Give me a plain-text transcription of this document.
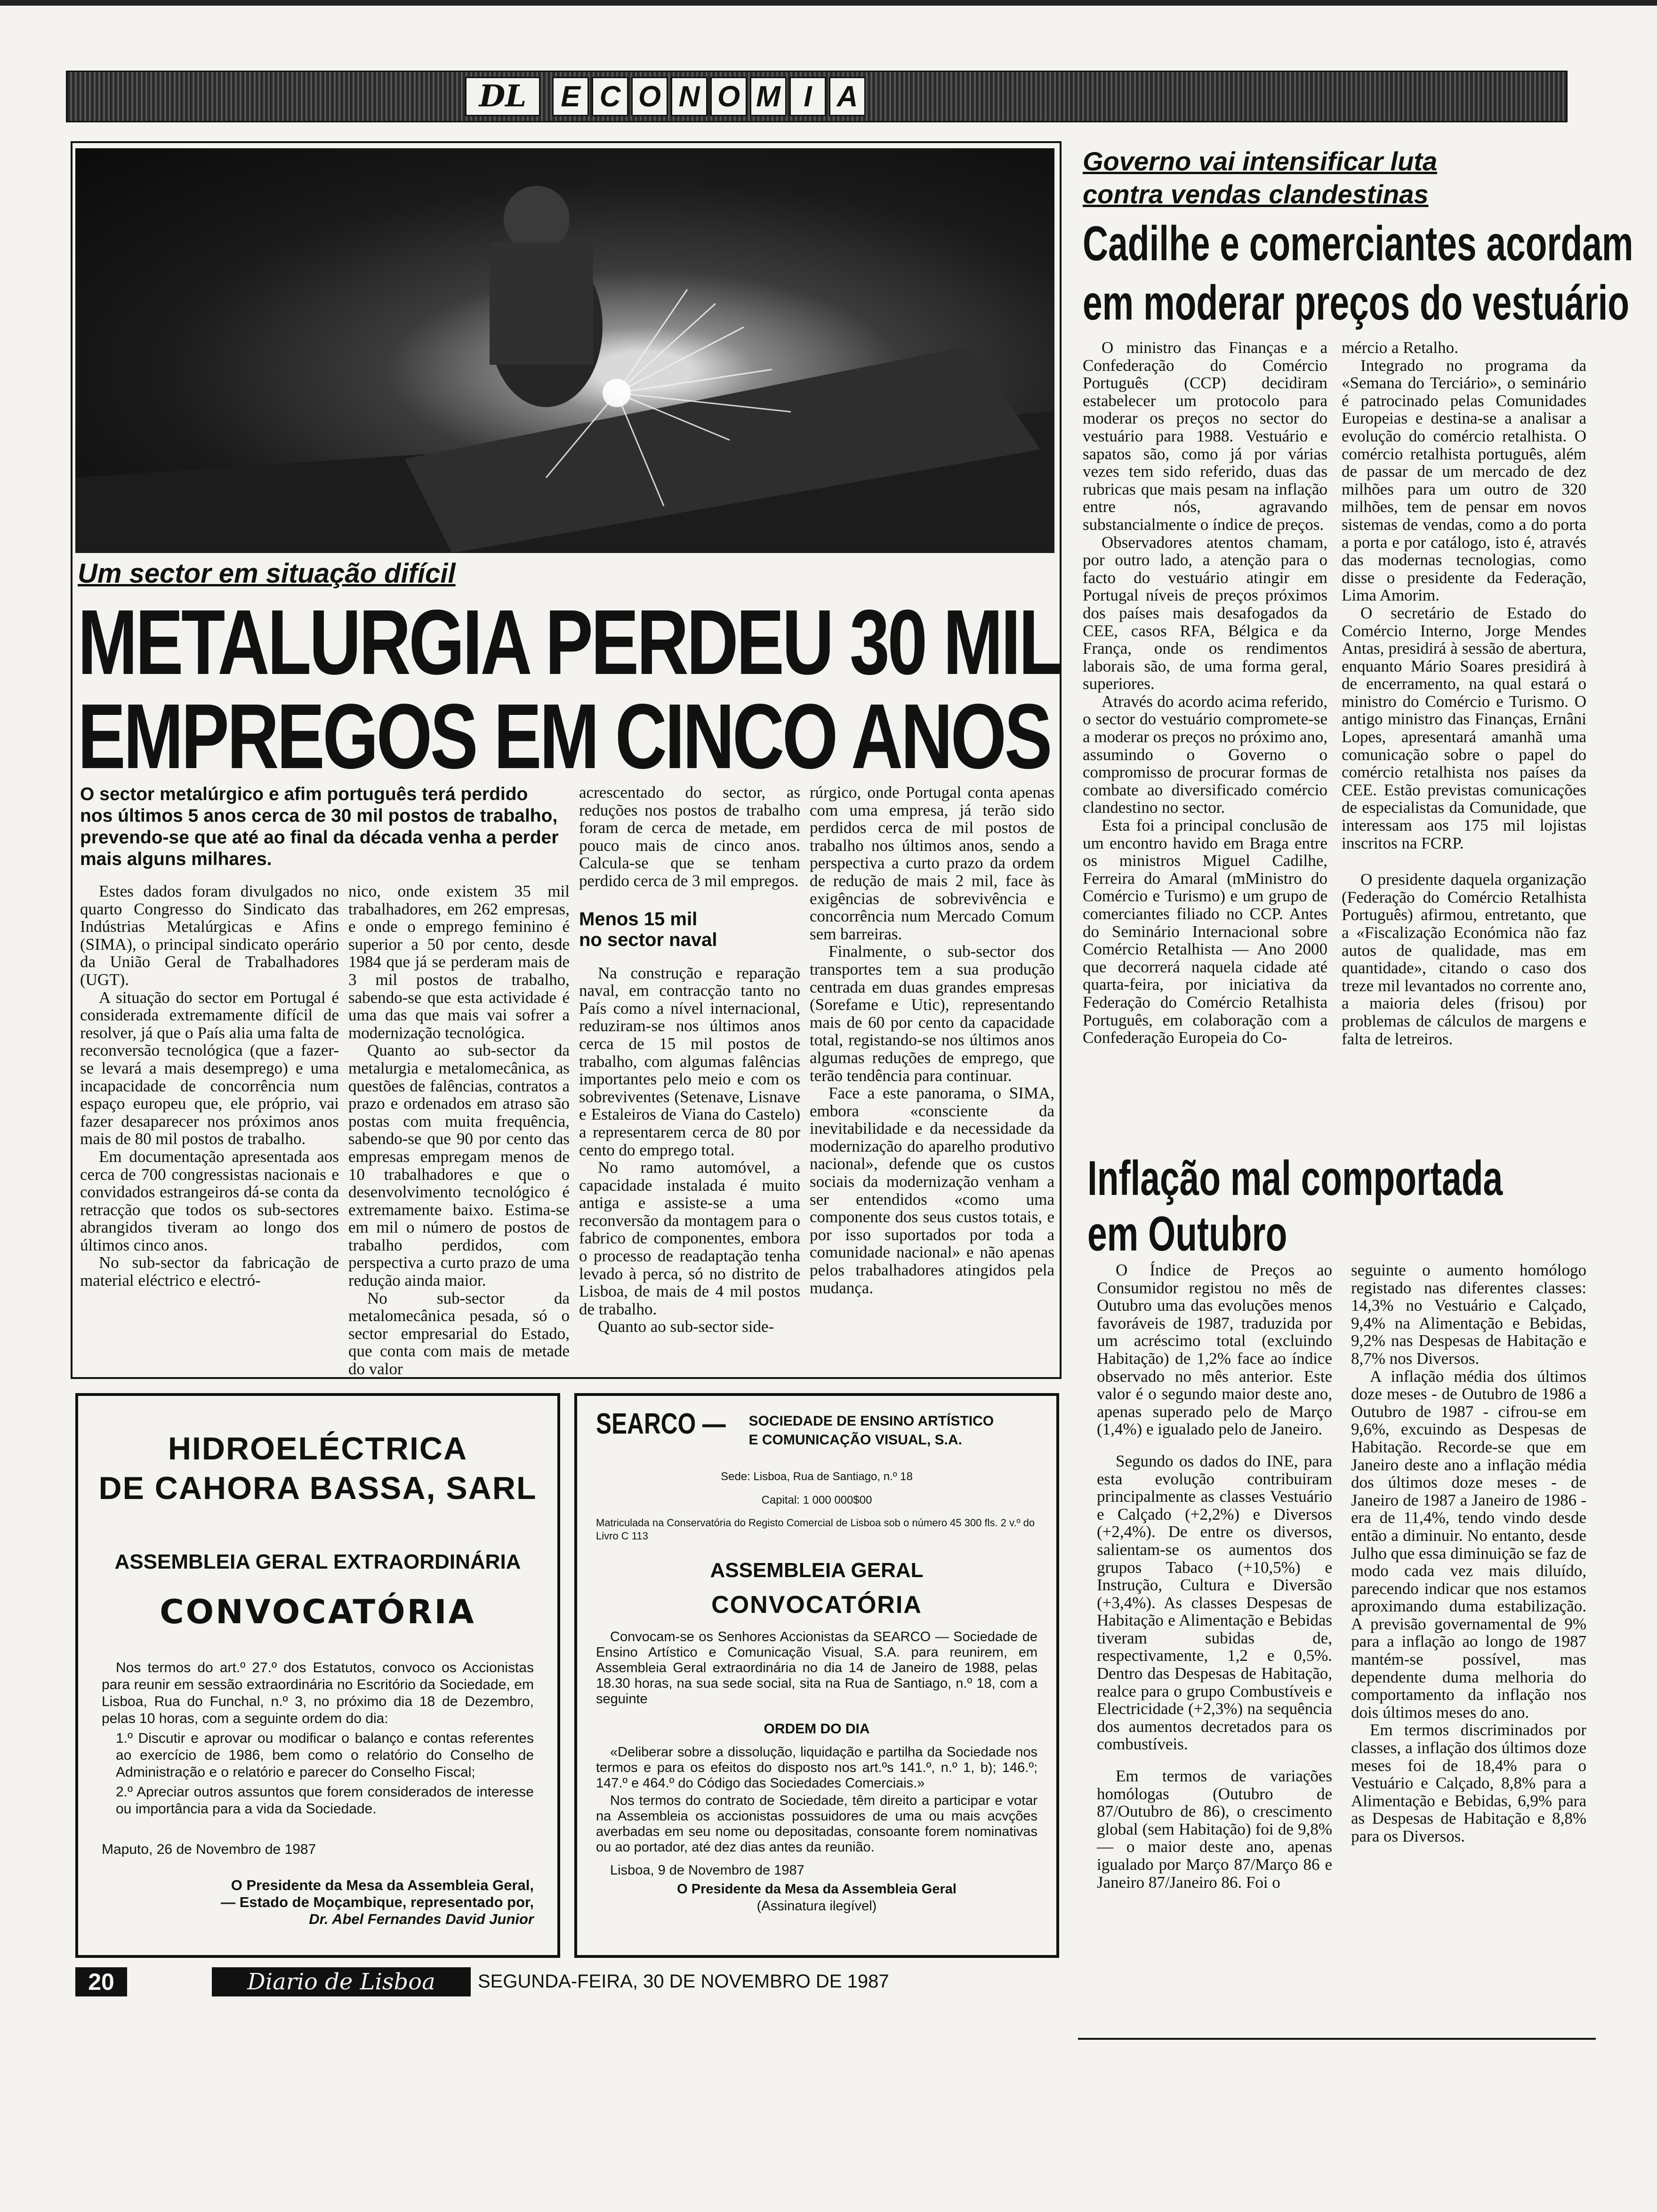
DL	E C O N O M I A
Um sector em situação difícil
METALURGIA PERDEU 30 MIL
EMPREGOS EM CINCO ANOS
O sector metalúrgico e afim português terá perdido nos últimos 5 anos cerca de 30 mil postos de trabalho, prevendo-se que até ao final da década venha a perder mais alguns milhares.

Estes dados foram divulgados no quarto Congresso do Sindicato das Indústrias Metalúrgicas e Afins (SIMA), o principal sindicato operário da União Geral de Trabalhadores (UGT).

A situação do sector em Portugal é considerada extremamente difícil de resolver, já que o País alia uma falta de reconversão tecnológica (que a fazer-se levará a mais desemprego) e uma incapacidade de concorrência num espaço europeu que, ele próprio, vai fazer desaparecer nos próximos anos mais de 80 mil postos de trabalho.

Em documentação apresentada aos cerca de 700 congressistas nacionais e convidados estrangeiros dá-se conta da retracção que todos os sub-sectores abrangidos tiveram ao longo dos últimos cinco anos.

No sub-sector da fabricação de material eléctrico e electró-

nico, onde existem 35 mil trabalhadores, em 262 empresas, e onde o emprego feminino é superior a 50 por cento, desde 1984 que já se perderam mais de 3 mil postos de trabalho, sabendo-se que esta actividade é uma das que mais vai sofrer a modernização tecnológica.

Quanto ao sub-sector da metalurgia e metalomecânica, as questões de falências, contratos a prazo e ordenados em atraso são postas com muita frequência, sabendo-se que 90 por cento das empresas empregam menos de 10 trabalhadores e que o desenvolvimento tecnológico é extremamente baixo. Estima-se em mil o número de postos de trabalho perdidos, com perspectiva a curto prazo de uma redução ainda maior.

No sub-sector da metalomecânica pesada, só o sector empresarial do Estado, que conta com mais de metade do valor

acrescentado do sector, as reduções nos postos de trabalho foram de cerca de metade, em pouco mais de cinco anos. Calcula-se que se tenham perdido cerca de 3 mil empregos.

Menos 15 mil
no sector naval

Na construção e reparação naval, em contracção tanto no País como a nível internacional, reduziram-se nos últimos anos cerca de 15 mil postos de trabalho, com algumas falências importantes pelo meio e com os sobreviventes (Setenave, Lisnave e Estaleiros de Viana do Castelo) a representarem cerca de 80 por cento do emprego total.

No ramo automóvel, a capacidade instalada é muito antiga e assiste-se a uma reconversão da montagem para o fabrico de componentes, embora o processo de readaptação tenha levado à perca, só no distrito de Lisboa, de mais de 4 mil postos de trabalho.

Quanto ao sub-sector side-

rúrgico, onde Portugal conta apenas com uma empresa, já terão sido perdidos cerca de mil postos de trabalho nos últimos anos, sendo a perspectiva a curto prazo da ordem de redução de mais 2 mil, face às exigências de sobrevivência e concorrência num Mercado Comum sem barreiras.

Finalmente, o sub-sector dos transportes tem a sua produção centrada em duas grandes empresas (Sorefame e Utic), representando mais de 60 por cento da capacidade total, registando-se nos últimos anos algumas reduções de emprego, que terão tendência para continuar.

Face a este panorama, o SIMA, embora «consciente da inevitabilidade e da necessidade da modernização do aparelho produtivo nacional», defende que os custos sociais da modernização venham a ser entendidos «como uma componente dos seus custos totais, e por isso suportados por toda a comunidade nacional» e não apenas pelos trabalhadores atingidos pela mudança.

Governo vai intensificar luta
contra vendas clandestinas
Cadilhe e comerciantes acordam
em moderar preços do vestuário

O ministro das Finanças e a Confederação do Comércio Português (CCP) decidiram estabelecer um protocolo para moderar os preços no sector do vestuário para 1988. Vestuário e sapatos são, como já por várias vezes tem sido referido, duas das rubricas que mais pesam na inflação entre nós, agravando substancialmente o índice de preços.

Observadores atentos chamam, por outro lado, a atenção para o facto do vestuário atingir em Portugal níveis de preços próximos dos países mais desafogados da CEE, casos RFA, Bélgica e da França, onde os rendimentos laborais são, de uma forma geral, superiores.

Através do acordo acima referido, o sector do vestuário compromete-se a moderar os preços no próximo ano, assumindo o Governo o compromisso de procurar formas de combate ao diversificado comércio clandestino no sector.

Esta foi a principal conclusão de um encontro havido em Braga entre os ministros Miguel Cadilhe, Ferreira do Amaral (mMinistro do Comércio e Turismo) e um grupo de comerciantes filiado no CCP. Antes do Seminário Internacional sobre Comércio Retalhista — Ano 2000 que decorrerá naquela cidade até quarta-feira, por iniciativa da Federação do Comércio Retalhista Português, em colaboração com a Confederação Europeia do Co-

mércio a Retalho.

Integrado no programa da «Semana do Terciário», o seminário é patrocinado pelas Comunidades Europeias e destina-se a analisar a evolução do comércio retalhista. O comércio retalhista português, além de passar de um mercado de dez milhões para um outro de 320 milhões, tem de pensar em novos sistemas de vendas, como a do porta a porta e por catálogo, isto é, através das modernas tecnologias, como disse o presidente da Federação, Lima Amorim.

O secretário de Estado do Comércio Interno, Jorge Mendes Antas, presidirá à sessão de abertura, enquanto Mário Soares presidirá à de encerramento, na qual estará o ministro do Comércio e Turismo. O antigo ministro das Finanças, Ernâni Lopes, apresentará amanhã uma comunicação sobre o papel do comércio retalhista nos países da CEE. Estão previstas comunicações de especialistas da Comunidade, que interessam aos 175 mil lojistas inscritos na FCRP.

O presidente daquela organização (Federação do Comércio Retalhista Português) afirmou, entretanto, que a «Fiscalização Económica não faz autos de qualidade, mas em quantidade», citando o caso dos treze mil levantados no corrente ano, a maioria deles (frisou) por problemas de cálculos de margens e falta de letreiros.

Inflação mal comportada
em Outubro

O Índice de Preços ao Consumidor registou no mês de Outubro uma das evoluções menos favoráveis de 1987, traduzida por um acréscimo total (excluindo Habitação) de 1,2% face ao índice observado no mês anterior. Este valor é o segundo maior deste ano, apenas superado pelo de Março (1,4%) e igualado pelo de Janeiro.

Segundo os dados do INE, para esta evolução contribuiram principalmente as classes Vestuário e Calçado (+2,2%) e Diversos (+2,4%). De entre os diversos, salientam-se os aumentos dos grupos Tabaco (+10,5%) e Instrução, Cultura e Diversão (+3,4%). As classes Despesas de Habitação e Alimentação e Bebidas tiveram subidas de, respectivamente, 1,2 e 0,5%. Dentro das Despesas de Habitação, realce para o grupo Combustíveis e Electricidade (+2,3%) na sequência dos aumentos decretados para os combustíveis.

Em termos de variações homólogas (Outubro de 87/Outubro de 86), o crescimento global (sem Habitação) foi de 9,8% — o maior deste ano, apenas igualado por Março 87/Março 86 e Janeiro 87/Janeiro 86. Foi o

seguinte o aumento homólogo registado nas diferentes classes: 14,3% no Vestuário e Calçado, 9,4% na Alimentação e Bebidas, 9,2% nas Despesas de Habitação e 8,7% nos Diversos.

A inflação média dos últimos doze meses - de Outubro de 1986 a Outubro de 1987 - cifrou-se em 9,6%, excuindo as Despesas de Habitação. Recorde-se que em Janeiro deste ano a inflação média dos últimos doze meses - de Janeiro de 1987 a Janeiro de 1986 - era de 11,4%, tendo vindo desde então a diminuir. No entanto, desde Julho que essa diminuição se faz de modo cada vez mais diluído, parecendo indicar que nos estamos aproximando duma estabilização. A previsão governamental de 9% para a inflação ao longo de 1987 mantém-se possível, mas dependente duma melhoria do comportamento da inflação nos dois últimos meses do ano.

Em termos discriminados por classes, a inflação dos últimos doze meses foi de 18,4% para o Vestuário e Calçado, 8,8% para a Alimentação e Bebidas, 6,9% para as Despesas de Habitação e 8,8% para os Diversos.

HIDROELÉCTRICA
DE CAHORA BASSA, SARL
ASSEMBLEIA GERAL EXTRAORDINÁRIA
CONVOCATÓRIA
Nos termos do art.º 27.º dos Estatutos, convoco os Accionistas para reunir em sessão extraordinária no Escritório da Sociedade, em Lisboa, Rua do Funchal, n.º 3, no próximo dia 18 de Dezembro, pelas 10 horas, com a seguinte ordem do dia:
1.º Discutir e aprovar ou modificar o balanço e contas referentes ao exercício de 1986, bem como o relatório do Conselho de Administração e o relatório e parecer do Conselho Fiscal;
2.º Apreciar outros assuntos que forem considerados de interesse ou importância para a vida da Sociedade.
Maputo, 26 de Novembro de 1987
O Presidente da Mesa da Assembleia Geral,
— Estado de Moçambique, representado por,
Dr. Abel Fernandes David Junior
SEARCO — SOCIEDADE DE ENSINO ARTÍSTICO
E COMUNICAÇÃO VISUAL, S.A.
Sede: Lisboa, Rua de Santiago, n.º 18
Capital: 1 000 000$00
Matriculada na Conservatória do Registo Comercial de Lisboa sob o número 45 300 fls. 2 v.º do Livro C 113
ASSEMBLEIA GERAL
CONVOCATÓRIA
Convocam-se os Senhores Accionistas da SEARCO — Sociedade de Ensino Artístico e Comunicação Visual, S.A. para reunirem, em Assembleia Geral extraordinária no dia 14 de Janeiro de 1988, pelas 18.30 horas, na sua sede social, sita na Rua de Santiago, n.º 18, com a seguinte
ORDEM DO DIA
«Deliberar sobre a dissolução, liquidação e partilha da Sociedade nos termos e para os efeitos do disposto nos art.ºs 141.º, n.º 1, b); 146.º; 147.º e 464.º do Código das Sociedades Comerciais.»
Nos termos do contrato de Sociedade, têm direito a participar e votar na Assembleia os accionistas possuidores de uma ou mais acvções averbadas em seu nome ou depositadas, consoante forem nominativas ou ao portador, até dez dias antes da reunião.
Lisboa, 9 de Novembro de 1987
O Presidente da Mesa da Assembleia Geral
(Assinatura ilegível)
20	Diario de Lisboa	SEGUNDA-FEIRA, 30 DE NOVEMBRO DE 1987
